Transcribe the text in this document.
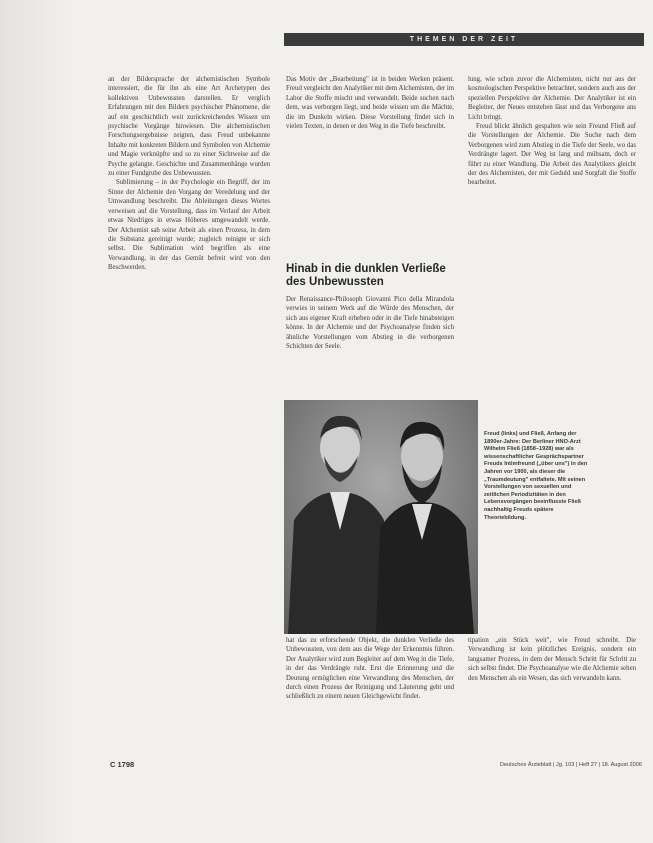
THEMEN DER ZEIT

an der Bildersprache der alchemistischen Symbole interessiert, die für ihn als eine Art Archetypen des kollektiven Unbewussten darstellen. Er verglich Erfahrungen mit den Bildern psychischer Phänomene, die auf ein geschichtlich weit zurückreichendes Wissen um psychische Vorgänge hinwiesen. Die alchemistischen Forschungsergebnisse zeigten, dass Freud unbekannte Inhalte mit konkreten Bildern und Symbolen von Alchemie und Magie verknüpfte und so zu einer Sichtweise auf die Psyche gelangte. Geschichte und Zusammenhänge wurden zu einer Fundgrube des Unbewussten.

Sublimierung – in der Psychologie ein Begriff, der im Sinne der Alchemie den Vorgang der Veredelung und der Umwandlung beschreibt. Die Ableitungen dieses Wortes verweisen auf die Vorstellung, dass im Verlauf der Arbeit etwas Niedriges in etwas Höheres umgewandelt werde. Der Alchemist sah seine Arbeit als einen Prozess, in dem die Substanz gereinigt wurde; zugleich reinigte er sich selbst. Die Sublimation wird begriffen als eine Verwandlung, in der das Gemüt befreit wird von den Beschwerden.

Das Motiv der „Bearbeitung" ist in beiden Werken präsent. Freud vergleicht den Analytiker mit dem Alchemisten, der im Labor die Stoffe mischt und verwandelt. Beide suchen nach dem, was verborgen liegt, und beide wissen um die Mächte, die im Dunkeln wirken. Diese Vorstellung findet sich in vielen Texten, in denen er den Weg in die Tiefe beschreibt.

Hinab in die dunklen Verließe des Unbewussten

Der Renaissance-Philosoph Giovanni Pico della Mirandola verwies in seinem Werk auf die Würde des Menschen, der sich aus eigener Kraft erheben oder in die Tiefe hinabsteigen könne. In der Alchemie und der Psychoanalyse finden sich ähnliche Vorstellungen vom Abstieg in die verborgenen Schichten der Seele.

lung, wie schon zuvor die Alchemisten, nicht nur aus der kosmologischen Perspektive betrachtet, sondern auch aus der speziellen Perspektive der Alchemie. Der Analytiker ist ein Begleiter, der Neues entstehen lässt und das Verborgene ans Licht bringt.

Freud blickt ähnlich gespalten wie sein Freund Fließ auf die Vorstellungen der Alchemie. Die Suche nach dem Verborgenen wird zum Abstieg in die Tiefe der Seele, wo das Verdrängte lagert. Der Weg ist lang und mühsam, doch er führt zu einer Wandlung. Die Arbeit des Analytikers gleicht der des Alchemisten, der mit Geduld und Sorgfalt die Stoffe bearbeitet.

Freud (links) und Fließ, Anfang der 1890er-Jahre: Der Berliner HNO-Arzt Wilhelm Fließ (1858–1928) war als wissenschaftlicher Gesprächspartner Freuds Intimfreund („über uns") in den Jahren vor 1900, als dieser die „Traumdeutung" entfaltete. Mit seinen Vorstellungen von sexuellen und zeitlichen Periodizitäten in den Lebensvorgängen beeinflusste Fließ nachhaltig Freuds spätere Theoriebildung.

hat das zu erforschende Objekt, die dunklen Verließe des Unbewussten, von dem aus die Wege der Erkenntnis führen. Der Analytiker wird zum Begleiter auf dem Weg in die Tiefe, in der das Verdrängte ruht. Erst die Erinnerung und die Deutung ermöglichen eine Verwandlung des Menschen, der durch einen Prozess der Reinigung und Läuterung geht und schließlich zu einem neuen Gleichgewicht findet.

tipation „ein Stück weit", wie Freud schreibt. Die Verwandlung ist kein plötzliches Ereignis, sondern ein langsamer Prozess, in dem der Mensch Schritt für Schritt zu sich selbst findet. Die Psychoanalyse wie die Alchemie sehen den Menschen als ein Wesen, das sich verwandeln kann.

C 1798	Deutsches Ärzteblatt | Jg. 103 | Heft 27 | 18. August 2006
